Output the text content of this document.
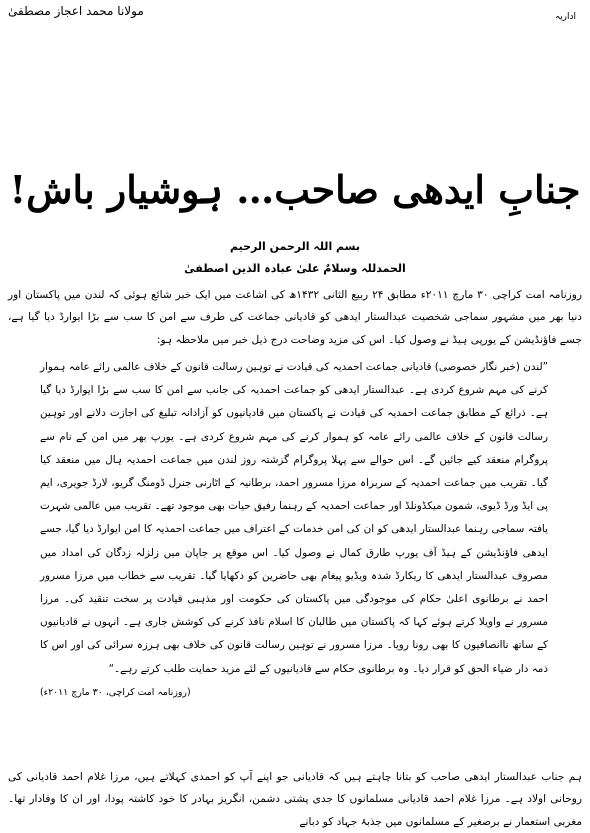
مولانا محمد اعجاز مصطفیٰ	اداریہ
جنابِ ایدھی صاحب… ہوشیار باش!
بسم اللہ الرحمن الرحیم
الحمدللہ وسلامٌ علیٰ عبادہ الذین اصطفیٰ
روزنامہ امت کراچی ۳۰ مارچ ۲۰۱۱ء مطابق ۲۴ ربیع الثانی ۱۴۳۲ھ کی اشاعت میں ایک خبر شائع ہوئی کہ لندن میں پاکستان اور دنیا بھر میں مشہور سماجی شخصیت عبدالستار ایدھی کو قادیانی جماعت کی طرف سے امن کا سب سے بڑا ایوارڈ دیا گیا ہے، جسے فاؤنڈیشن کے یورپی ہیڈ نے وصول کیا۔ اس کی مزید وضاحت درج ذیل خبر میں ملاحظہ ہو:
”لندن (خبر نگار خصوصی) قادیانی جماعت احمدیہ کی قیادت نے توہین رسالت قانون کے خلاف عالمی رائے عامہ ہموار کرنے کی مہم شروع کردی ہے۔ عبدالستار ایدھی کو جماعت احمدیہ کی جانب سے امن کا سب سے بڑا ایوارڈ دیا گیا ہے۔ ذرائع کے مطابق جماعت احمدیہ کی قیادت نے پاکستان میں قادیانیوں کو آزادانہ تبلیغ کی اجازت دلانے اور توہین رسالت قانون کے خلاف عالمی رائے عامہ کو ہموار کرنے کی مہم شروع کردی ہے۔ یورپ بھر میں امن کے نام سے پروگرام منعقد کیے جائیں گے۔ اس حوالے سے پہلا پروگرام گزشتہ روز لندن میں جماعت احمدیہ ہال میں منعقد کیا گیا۔ تقریب میں جماعت احمدیہ کے سربراہ مرزا مسرور احمد، برطانیہ کے اٹارنی جنرل ڈومنگ گریو، لارڈ جویری، ایم پی ایڈ ورڈ ڈیوی، شمون میکڈونلڈ اور جماعت احمدیہ کے رہنما رفیق حیات بھی موجود تھے۔ تقریب میں عالمی شہرت یافتہ سماجی رہنما عبدالستار ایدھی کو ان کی امن خدمات کے اعتراف میں جماعت احمدیہ کا امن ایوارڈ دیا گیا، جسے ایدھی فاؤنڈیشن کے ہیڈ آف یورپ طارق کمال نے وصول کیا۔ اس موقع پر جاپان میں زلزلہ زدگان کی امداد میں مصروف عبدالستار ایدھی کا ریکارڈ شدہ ویڈیو پیغام بھی حاضرین کو دکھایا گیا۔ تقریب سے خطاب میں مرزا مسرور احمد نے برطانوی اعلیٰ حکام کی موجودگی میں پاکستان کی حکومت اور مذہبی قیادت پر سخت تنقید کی۔ مرزا مسرور نے واویلا کرتے ہوئے کہا کہ پاکستان میں طالبان کا اسلام نافذ کرنے کی کوشش جاری ہے۔ انہوں نے قادیانیوں کے ساتھ ناانصافیوں کا بھی رونا رویا۔ مرزا مسرور نے توہین رسالت قانون کی خلاف بھی ہرزہ سرائی کی اور اس کا ذمہ دار ضیاء الحق کو قرار دیا۔ وہ برطانوی حکام سے قادیانیوں کے لئے مزید حمایت طلب کرتے رہے۔“
(روزنامہ امت کراچی، ۳۰ مارچ ۲۰۱۱ء)
ہم جناب عبدالستار ایدھی صاحب کو بتانا چاہتے ہیں کہ قادیانی جو اپنے آپ کو احمدی کہلاتے ہیں، مرزا غلام احمد قادیانی کی روحانی اولاد ہے۔ مرزا غلام احمد قادیانی مسلمانوں کا جدی پشتی دشمن، انگریز بہادر کا خود کاشتہ پودا، اور ان کا وفادار تھا۔ مغربی استعمار نے برصغیر کے مسلمانوں میں جذبۂ جہاد کو دبانے
